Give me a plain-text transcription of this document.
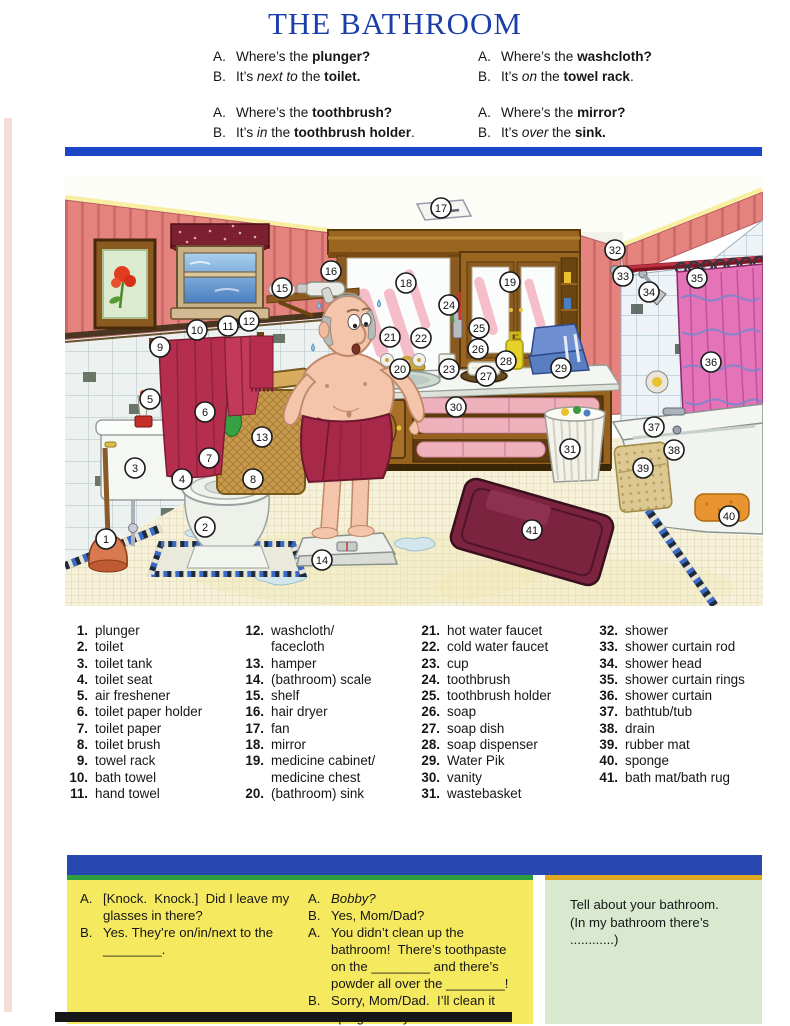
THE BATHROOM
A. Where’s the plunger?
B. It’s next to the toilet.
A. Where’s the toothbrush?
B. It’s in the toothbrush holder.
A. Where’s the washcloth?
B. It’s on the towel rack.
A. Where’s the mirror?
B. It’s over the sink.
1
2
3
4
5
6
7
8
9
10 11 12
13
14
15
16
17
18	19
20
21 22
23
24
25
26
27
28
29
30
31
32
33
34
35
36
37
38
39
40
41
1. plunger
2. toilet
3. toilet tank
4. toilet seat
5. air freshener
6. toilet paper holder
7. toilet paper
8. toilet brush
9. towel rack
10. bath towel
11. hand towel
12. washcloth/
facecloth
13. hamper
14. (bathroom) scale
15. shelf
16. hair dryer
17. fan
18. mirror
19. medicine cabinet/
medicine chest
20. (bathroom) sink
21. hot water faucet
22. cold water faucet
23. cup
24. toothbrush
25. toothbrush holder
26. soap
27. soap dish
28. soap dispenser
29. Water Pik
30. vanity
31. wastebasket
32. shower
33. shower curtain rod
34. shower head
35. shower curtain rings
36. shower curtain
37. bathtub/tub
38. drain
39. rubber mat
40. sponge
41. bath mat/bath rug
A. [Knock.  Knock.]  Did I leave my
glasses in there?
B. Yes. They’re on/in/next to the
________.
A. Bobby?
B. Yes, Mom/Dad?
A. You didn’t clean up the
bathroom!  There’s toothpaste
on the ________ and there’s
powder all over the ________!
B. Sorry, Mom/Dad.  I’ll clean it
Tell about your bathroom.
(In my bathroom there’s ............)
